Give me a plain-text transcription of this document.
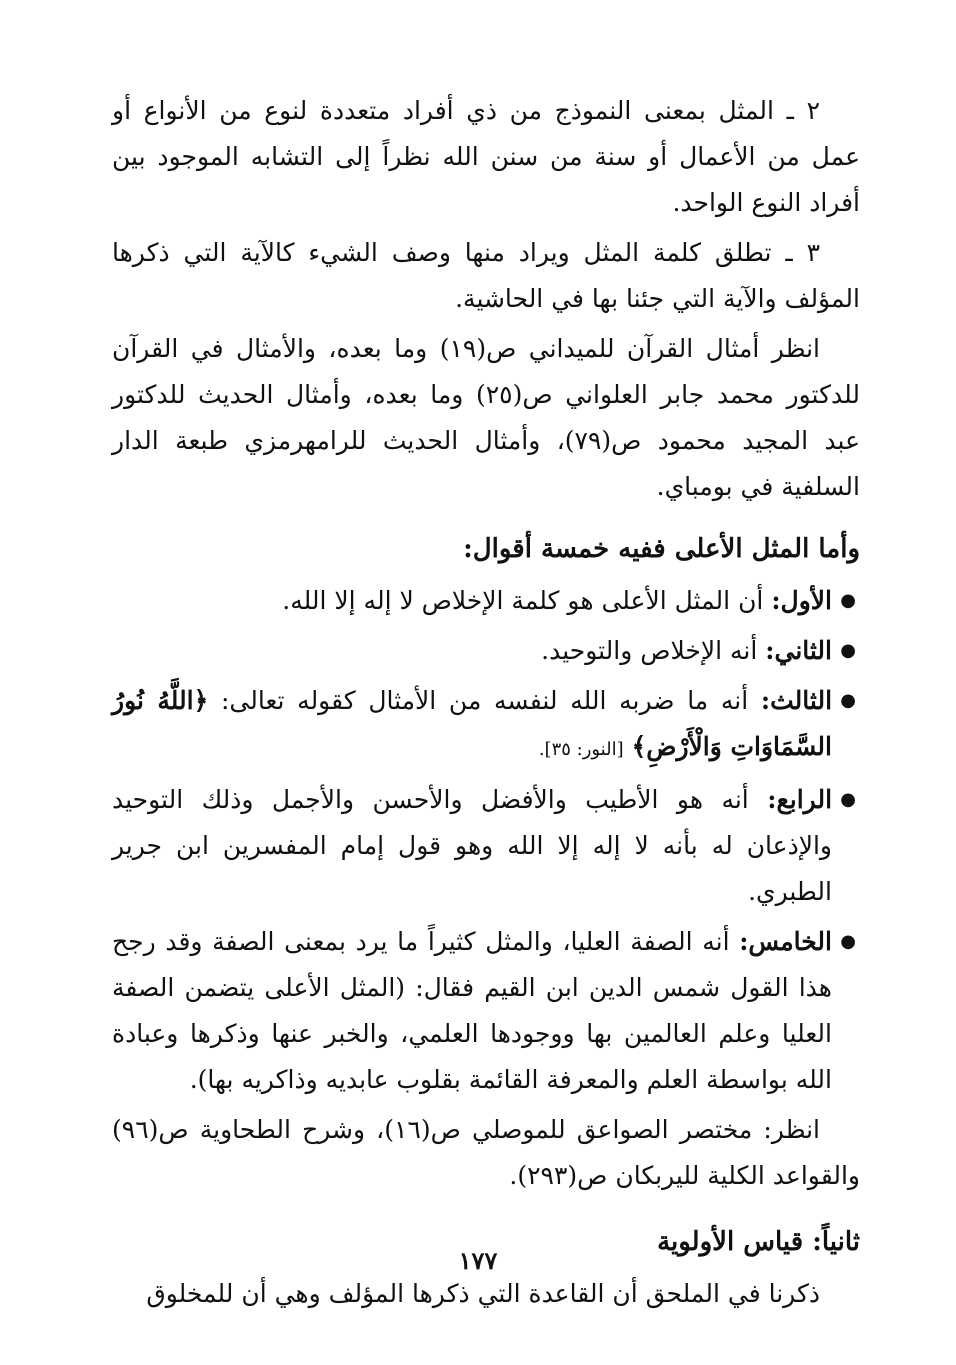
٢ ـ المثل بمعنى النموذج من ذي أفراد متعددة لنوع من الأنواع أو عمل من الأعمال أو سنة من سنن الله نظراً إلى التشابه الموجود بين أفراد النوع الواحد.

٣ ـ تطلق كلمة المثل ويراد منها وصف الشيء كالآية التي ذكرها المؤلف والآية التي جئنا بها في الحاشية.

انظر أمثال القرآن للميداني ص(١٩) وما بعده، والأمثال في القرآن للدكتور محمد جابر العلواني ص(٢٥) وما بعده، وأمثال الحديث للدكتور عبد المجيد محمود ص(٧٩)، وأمثال الحديث للرامهرمزي طبعة الدار السلفية في بومباي.

وأما المثل الأعلى ففيه خمسة أقوال:
●
الأول: أن المثل الأعلى هو كلمة الإخلاص لا إله إلا الله.
●
الثاني: أنه الإخلاص والتوحيد.
●
الثالث: أنه ما ضربه الله لنفسه من الأمثال كقوله تعالى: ﴿اللَّهُ نُورُ السَّمَاوَاتِ وَالْأَرْضِ﴾ [النور: ٣٥].
●
الرابع: أنه هو الأطيب والأفضل والأحسن والأجمل وذلك التوحيد والإذعان له بأنه لا إله إلا الله وهو قول إمام المفسرين ابن جرير الطبري.
●
الخامس: أنه الصفة العليا، والمثل كثيراً ما يرد بمعنى الصفة وقد رجح هذا القول شمس الدين ابن القيم فقال: (المثل الأعلى يتضمن الصفة العليا وعلم العالمين بها ووجودها العلمي، والخبر عنها وذكرها وعبادة الله بواسطة العلم والمعرفة القائمة بقلوب عابديه وذاكريه بها).

انظر: مختصر الصواعق للموصلي ص(١٦)، وشرح الطحاوية ص(٩٦) والقواعد الكلية لليربكان ص(٢٩٣).

ثانياً: قياس الأولوية

ذكرنا في الملحق أن القاعدة التي ذكرها المؤلف وهي أن للمخلوق

١٧٧
